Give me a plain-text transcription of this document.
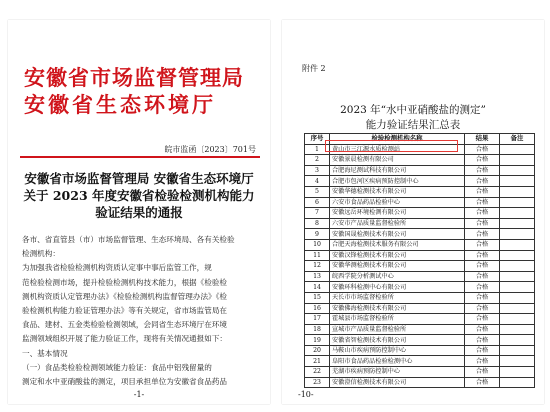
安徽省市场监督管理局
安徽省生态环境厅
皖市监函〔2023〕701号
安徽省市场监督管理局 安徽省生态环境厅
关于 2023 年度安徽省检验检测机构能力
验证结果的通报
各市、省直管县（市）市场监督管理、生态环境局、各有关检验
检测机构：
为加强我省检验检测机构资质认定事中事后监管工作，规
范检验检测市场，提升检验检测机构技术能力，根据《检验检
测机构资质认定管理办法》《检验检测机构监督管理办法》《检
验检测机构能力验证管理办法》等有关规定，省市场监管局在
食品、建材、五金类检验检测领域，会同省生态环境厅在环境
监测领域组织开展了能力验证工作，现将有关情况通报如下：
一、基本情况
（一）食品类检验检测领域能力验证：食品中铝残留量的
测定和水中亚硝酸盐的测定，项目承担单位为安徽省食品药品
-1-
附件 2
2023 年“水中亚硝酸盐的测定”
能力验证结果汇总表
序号	检验检测机构名称	结果	备注
1	黄山市三江源水质检测站	合格	
2	安徽景晨检测有限公司	合格	
3	合肥海尼测试科技有限公司	合格	
4	合肥市包河区疾病预防控制中心	合格	
5	安徽华德检测技术有限公司	合格	
6	六安市食品药品检验中心	合格	
7	安徽远岳环境检测有限公司	合格	
8	六安市产品质量监督检验所	合格	
9	安徽国晟检测技术有限公司	合格	
10	合肥天海检测技术服务有限公司	合格	
11	安徽汉锋检测技术有限公司	合格	
12	安徽华测检测技术有限公司	合格	
13	皖西学院分析测试中心	合格	
14	安徽环科检测中心有限公司	合格	
15	天长市市场监督检验所	合格	
16	安徽佛海检测技术有限公司	合格	
17	霍城县市场监督检验所	合格	
18	宣城市产品质量监督检验所	合格	
19	安徽省智检测技术有限公司	合格	
20	马鞍山市疾病预防控制中心	合格	
21	阜阳市食品药品检验检测中心	合格	
22	芜湖市疾病预防控制中心	合格	
23	安徽澄信检测技术有限公司	合格	
-10-
